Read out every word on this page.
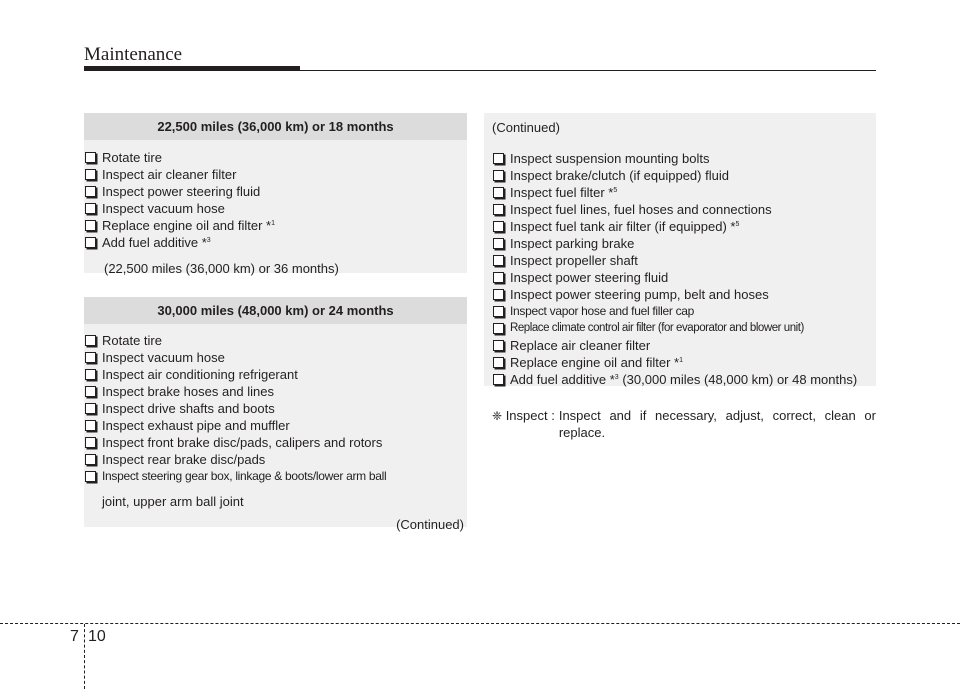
Maintenance
22,500 miles (36,000 km) or 18 months
Rotate tire
Inspect air cleaner filter
Inspect power steering fluid
Inspect vacuum hose
Replace engine oil and filter *$^1$
Add fuel additive *$^3$
(22,500 miles (36,000 km) or 36 months)
30,000 miles (48,000 km) or 24 months
Rotate tire
Inspect vacuum hose
Inspect air conditioning refrigerant
Inspect brake hoses and lines
Inspect drive shafts and boots
Inspect exhaust pipe and muffler
Inspect front brake disc/pads, calipers and rotors
Inspect rear brake disc/pads
Inspect steering gear box, linkage & boots/lower arm ball
joint, upper arm ball joint
(Continued)
(Continued)
Inspect suspension mounting bolts
Inspect brake/clutch (if equipped) fluid
Inspect fuel filter *$^5$
Inspect fuel lines, fuel hoses and connections
Inspect fuel tank air filter (if equipped) *$^5$
Inspect parking brake
Inspect propeller shaft
Inspect power steering fluid
Inspect power steering pump, belt and hoses
Inspect vapor hose and fuel filler cap
Replace climate control air filter (for evaporator and blower unit)
Replace air cleaner filter
Replace engine oil and filter *$^1$
Add fuel additive *$^3$ (30,000 miles (48,000 km) or 48 months)
❈ Inspect : Inspect and if necessary, adjust, correct, clean or replace.
7 10
